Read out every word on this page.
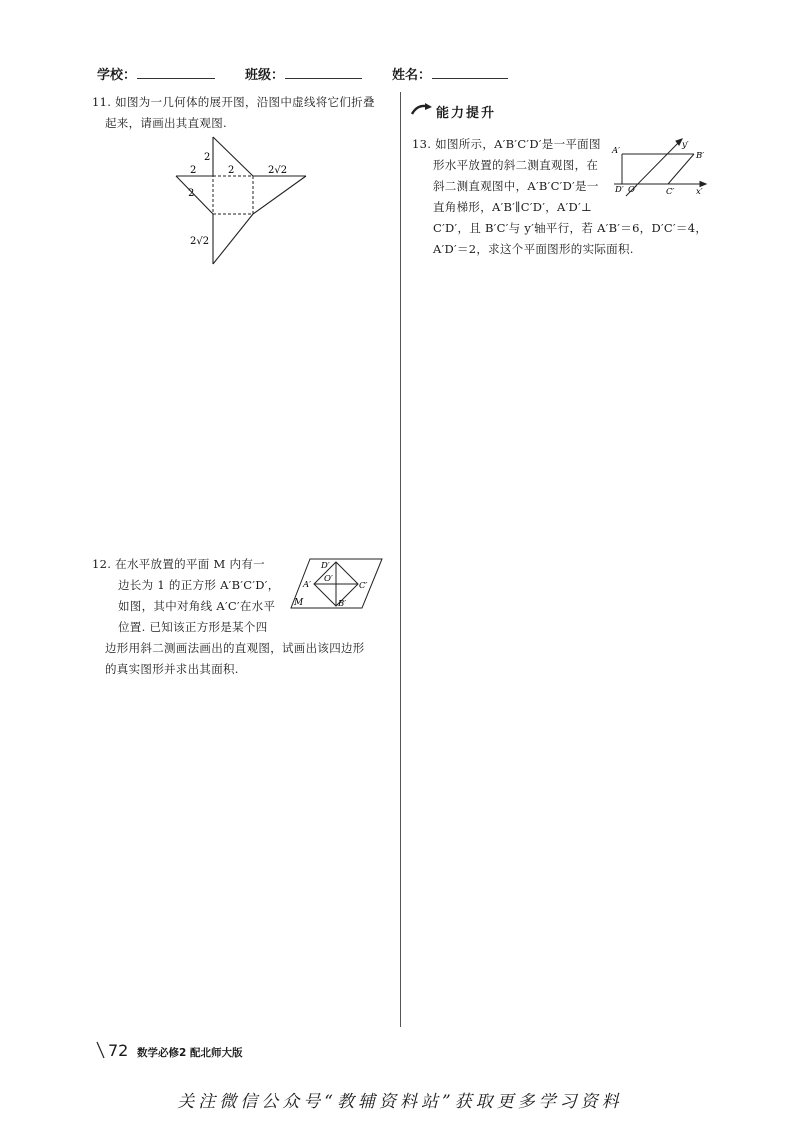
学校：	班级：	姓名：
11. 如图为一几何体的展开图，沿图中虚线将它们折叠
起来，请画出其直观图.
2
2	2√2
2
2
2√2
12. 在水平放置的平面 M 内有一
边长为 1 的正方形 A′B′C′D′，
如图，其中对角线 A′C′在水平
位置. 已知该正方形是某个四
边形用斜二测画法画出的直观图，试画出该四边形
的真实图形并求出其面积.
D′
O′
A′	C′
B′
M
能力提升
13. 如图所示，A′B′C′D′是一平面图
形水平放置的斜二测直观图，在
斜二测直观图中，A′B′C′D′是一
直角梯形，A′B′∥C′D′，A′D′⊥
C′D′，且 B′C′与 y′轴平行，若 A′B′＝6，D′C′＝4，
A′D′＝2，求这个平面图形的实际面积.
y′
A′	B′
D′ O′	C′	x′
72 数学必修2 配北师大版
关注微信公众号“教辅资料站”获取更多学习资料
